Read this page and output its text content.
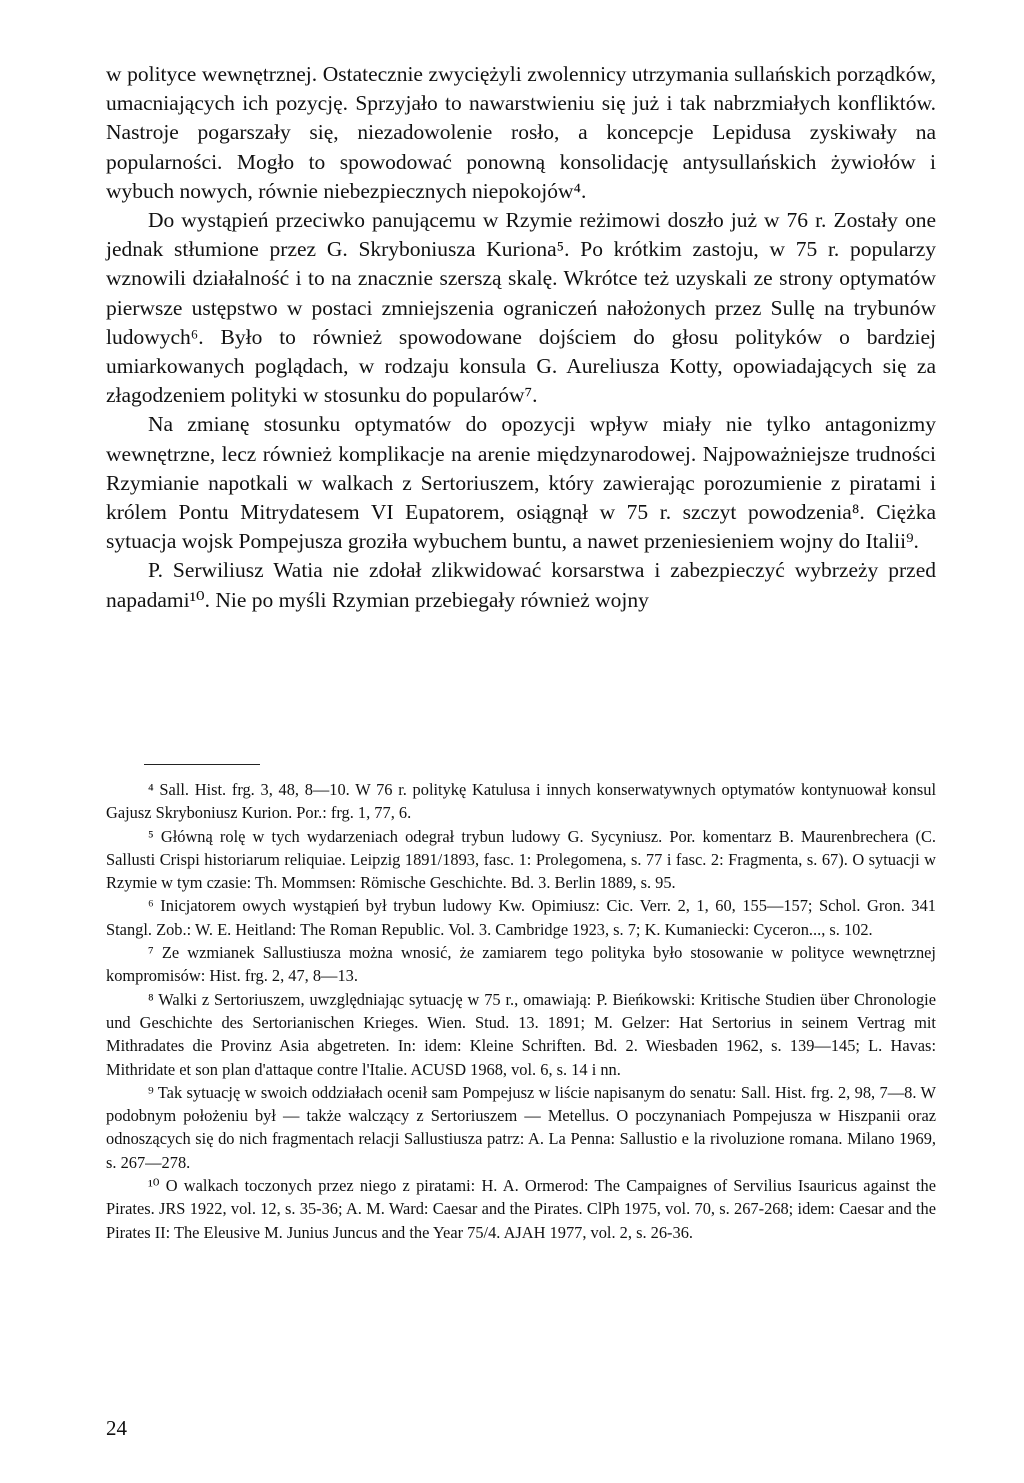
w polityce wewnętrznej. Ostatecznie zwyciężyli zwolennicy utrzymania sullańskich porządków, umacniających ich pozycję. Sprzyjało to nawarstwieniu się już i tak nabrzmiałych konfliktów. Nastroje pogarszały się, niezadowolenie rosło, a koncepcje Lepidusa zyskiwały na popularności. Mogło to spowodować ponowną konsolidację antysullańskich żywiołów i wybuch nowych, równie niebezpiecznych niepokojów⁴.

Do wystąpień przeciwko panującemu w Rzymie reżimowi doszło już w 76 r. Zostały one jednak stłumione przez G. Skryboniusza Kuriona⁵. Po krótkim zastoju, w 75 r. popularzy wznowili działalność i to na znacznie szerszą skalę. Wkrótce też uzyskali ze strony optymatów pierwsze ustępstwo w postaci zmniejszenia ograniczeń nałożonych przez Sullę na trybunów ludowych⁶. Było to również spowodowane dojściem do głosu polityków o bardziej umiarkowanych poglądach, w rodzaju konsula G. Aureliusza Kotty, opowiadających się za złagodzeniem polityki w stosunku do popularów⁷.

Na zmianę stosunku optymatów do opozycji wpływ miały nie tylko antagonizmy wewnętrzne, lecz również komplikacje na arenie międzynarodowej. Najpoważniejsze trudności Rzymianie napotkali w walkach z Sertoriuszem, który zawierając porozumienie z piratami i królem Pontu Mitrydatesem VI Eupatorem, osiągnął w 75 r. szczyt powodzenia⁸. Ciężka sytuacja wojsk Pompejusza groziła wybuchem buntu, a nawet przeniesieniem wojny do Italii⁹.

P. Serwiliusz Watia nie zdołał zlikwidować korsarstwa i zabezpieczyć wybrzeży przed napadami¹⁰. Nie po myśli Rzymian przebiegały również wojny

⁴ Sall. Hist. frg. 3, 48, 8—10. W 76 r. politykę Katulusa i innych konserwatywnych optymatów kontynuował konsul Gajusz Skryboniusz Kurion. Por.: frg. 1, 77, 6.

⁵ Główną rolę w tych wydarzeniach odegrał trybun ludowy G. Sycyniusz. Por. komentarz B. Maurenbrechera (C. Sallusti Crispi historiarum reliquiae. Leipzig 1891/1893, fasc. 1: Prolegomena, s. 77 i fasc. 2: Fragmenta, s. 67). O sytuacji w Rzymie w tym czasie: Th. Mommsen: Römische Geschichte. Bd. 3. Berlin 1889, s. 95.

⁶ Inicjatorem owych wystąpień był trybun ludowy Kw. Opimiusz: Cic. Verr. 2, 1, 60, 155—157; Schol. Gron. 341 Stangl. Zob.: W. E. Heitland: The Roman Republic. Vol. 3. Cambridge 1923, s. 7; K. Kumaniecki: Cyceron..., s. 102.

⁷ Ze wzmianek Sallustiusza można wnosić, że zamiarem tego polityka było stosowanie w polityce wewnętrznej kompromisów: Hist. frg. 2, 47, 8—13.

⁸ Walki z Sertoriuszem, uwzględniając sytuację w 75 r., omawiają: P. Bieńkowski: Kritische Studien über Chronologie und Geschichte des Sertorianischen Krieges. Wien. Stud. 13. 1891; M. Gelzer: Hat Sertorius in seinem Vertrag mit Mithradates die Provinz Asia abgetreten. In: idem: Kleine Schriften. Bd. 2. Wiesbaden 1962, s. 139—145; L. Havas: Mithridate et son plan d'attaque contre l'Italie. ACUSD 1968, vol. 6, s. 14 i nn.

⁹ Tak sytuację w swoich oddziałach ocenił sam Pompejusz w liście napisanym do senatu: Sall. Hist. frg. 2, 98, 7—8. W podobnym położeniu był — także walczący z Sertoriuszem — Metellus. O poczynaniach Pompejusza w Hiszpanii oraz odnoszących się do nich fragmentach relacji Sallustiusza patrz: A. La Penna: Sallustio e la rivoluzione romana. Milano 1969, s. 267—278.

¹⁰ O walkach toczonych przez niego z piratami: H. A. Ormerod: The Campaignes of Servilius Isauricus against the Pirates. JRS 1922, vol. 12, s. 35-36; A. M. Ward: Caesar and the Pirates. ClPh 1975, vol. 70, s. 267-268; idem: Caesar and the Pirates II: The Eleusive M. Junius Juncus and the Year 75/4. AJAH 1977, vol. 2, s. 26-36.

24
